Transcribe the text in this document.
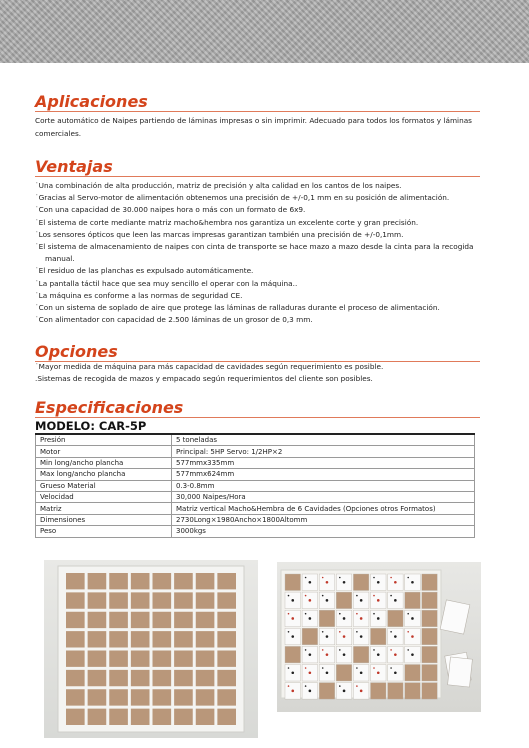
Aplicaciones

Corte automático de Naipes partiendo de láminas impresas o sin imprimir. Adecuado para todos los formatos y láminas comerciales.

Ventajas
˙Una combinación de alta producción, matriz de precisión y alta calidad en los cantos de los naipes.
˙Gracias al Servo-motor de alimentación obtenemos una precisión de +/-0,1 mm en su posición de alimentación.
˙Con una capacidad de 30.000 naipes hora o más con un formato de 6x9.
˙El sistema de corte mediante matriz macho&hembra nos garantiza un excelente corte y gran precisión.
˙Los sensores ópticos que leen las marcas impresas garantizan también una precisión de +/-0,1mm.
˙El sistema de almacenamiento de naipes con cinta de transporte se hace mazo a mazo desde la cinta para la recogida manual.
˙El residuo de las planchas es expulsado automáticamente.
˙La pantalla táctil hace que sea muy sencillo el operar con la máquina..
˙La máquina es conforme a las normas de seguridad CE.
˙Con un sistema de soplado de aire que protege las láminas de ralladuras durante el proceso de alimentación.
˙Con alimentador con capacidad de 2.500 láminas de un grosor de 0,3 mm.
Opciones
˙Mayor medida de máquina para más capacidad de cavidades según requerimiento es posible.
.Sistemas de recogida de mazos y empacado según requerimientos del cliente son posibles.
Especificaciones
MODELO: CAR-5P
Presión	5 toneladas
Motor	Principal: 5HP Servo: 1/2HP×2
Min long/ancho plancha	577mmx335mm
Max long/ancho plancha	577mmx624mm
Grueso Material	0.3-0.8mm
Velocidad	30,000 Naipes/Hora
Matriz	Matriz vertical Macho&Hembra de 6 Cavidades (Opciones otros Formatos)
Dimensiones	2730Long×1980Ancho×1800Altomm
Peso	3000kgs
